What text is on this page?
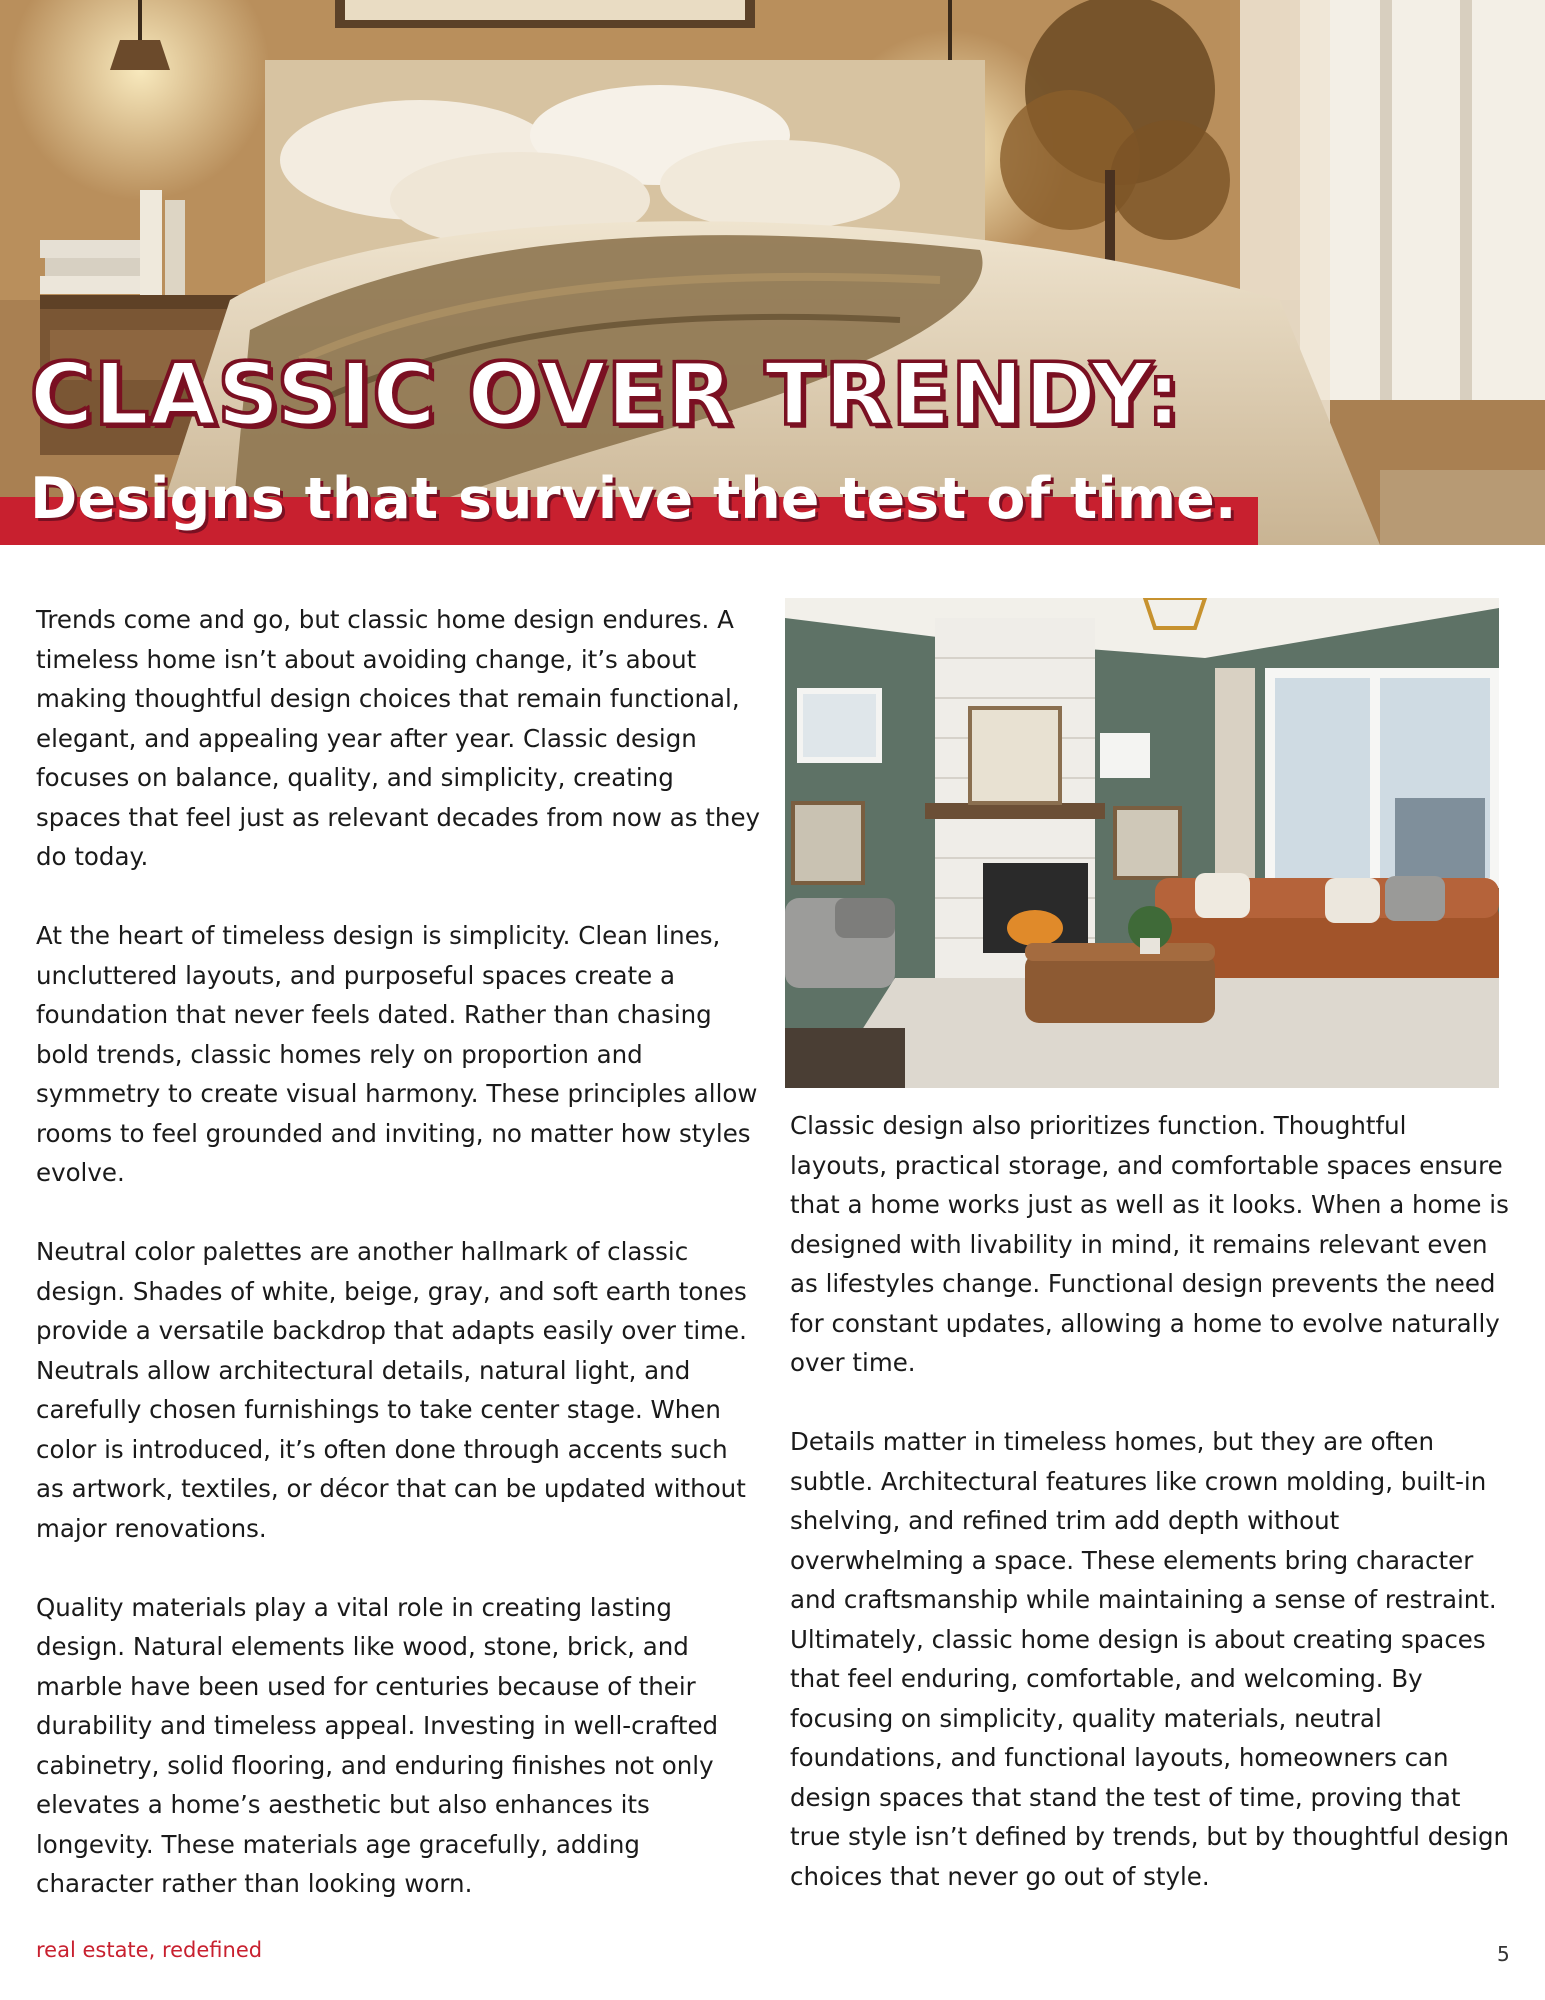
CLASSIC OVER TRENDY:
Designs that survive the test of time.

Trends come and go, but classic home design endures. A timeless home isn’t about avoiding change, it’s about making thoughtful design choices that remain functional, elegant, and appealing year after year. Classic design focuses on balance, quality, and simplicity, creating spaces that feel just as relevant decades from now as they do today.

At the heart of timeless design is simplicity. Clean lines, uncluttered layouts, and purposeful spaces create a foundation that never feels dated. Rather than chasing bold trends, classic homes rely on proportion and symmetry to create visual harmony. These principles allow rooms to feel grounded and inviting, no matter how styles evolve.

Neutral color palettes are another hallmark of classic design. Shades of white, beige, gray, and soft earth tones provide a versatile backdrop that adapts easily over time. Neutrals allow architectural details, natural light, and carefully chosen furnishings to take center stage. When color is introduced, it’s often done through accents such as artwork, textiles, or décor that can be updated without major renovations.

Quality materials play a vital role in creating lasting design. Natural elements like wood, stone, brick, and marble have been used for centuries because of their durability and timeless appeal. Investing in well-crafted cabinetry, solid flooring, and enduring finishes not only elevates a home’s aesthetic but also enhances its longevity. These materials age gracefully, adding character rather than looking worn.

Classic design also prioritizes function. Thoughtful layouts, practical storage, and comfortable spaces ensure that a home works just as well as it looks. When a home is designed with livability in mind, it remains relevant even as lifestyles change. Functional design prevents the need for constant updates, allowing a home to evolve naturally over time.

Details matter in timeless homes, but they are often subtle. Architectural features like crown molding, built-in shelving, and refined trim add depth without overwhelming a space. These elements bring character and craftsmanship while maintaining a sense of restraint. Ultimately, classic home design is about creating spaces that feel enduring, comfortable, and welcoming. By focusing on simplicity, quality materials, neutral foundations, and functional layouts, homeowners can design spaces that stand the test of time, proving that true style isn’t defined by trends, but by thoughtful design choices that never go out of style.

real estate, redefined	5
